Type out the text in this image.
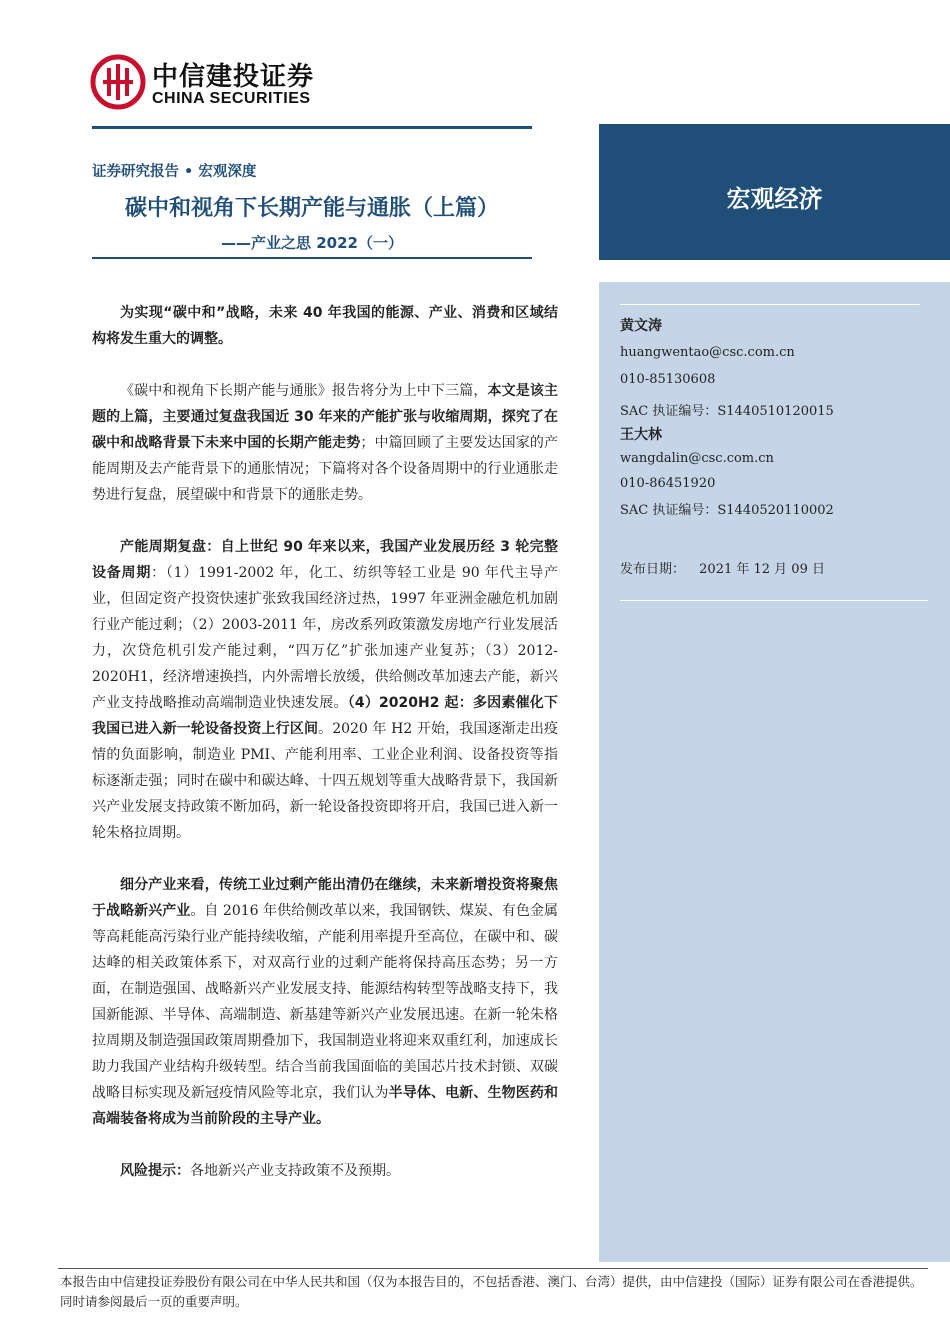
中信建投证券
CHINA SECURITIES
证券研究报告 • 宏观深度
碳中和视角下长期产能与通胀（上篇）
——产业之思 2022（一）
宏观经济
黄文涛
huangwentao@csc.com.cn
010-85130608
SAC 执证编号：S1440510120015
王大林
wangdalin@csc.com.cn
010-86451920
SAC 执证编号：S1440520110002
发布日期： 2021 年 12 月 09 日

为实现“碳中和”战略，未来 40 年我国的能源、产业、消费和区域结构将发生重大的调整。

《碳中和视角下长期产能与通胀》报告将分为上中下三篇，本文是该主题的上篇，主要通过复盘我国近 30 年来的产能扩张与收缩周期，探究了在碳中和战略背景下未来中国的长期产能走势；中篇回顾了主要发达国家的产能周期及去产能背景下的通胀情况；下篇将对各个设备周期中的行业通胀走势进行复盘，展望碳中和背景下的通胀走势。

产能周期复盘：自上世纪 90 年来以来，我国产业发展历经 3 轮完整设备周期：（1）1991-2002 年，化工、纺织等轻工业是 90 年代主导产业，但固定资产投资快速扩张致我国经济过热，1997 年亚洲金融危机加剧行业产能过剩；（2）2003-2011 年，房改系列政策激发房地产行业发展活力，次贷危机引发产能过剩，“四万亿”扩张加速产业复苏；（3）2012-2020H1，经济增速换挡，内外需增长放缓，供给侧改革加速去产能，新兴产业支持战略推动高端制造业快速发展。（4）2020H2 起：多因素催化下我国已进入新一轮设备投资上行区间。2020 年 H2 开始，我国逐渐走出疫情的负面影响，制造业 PMI、产能利用率、工业企业利润、设备投资等指标逐渐走强；同时在碳中和碳达峰、十四五规划等重大战略背景下，我国新兴产业发展支持政策不断加码，新一轮设备投资即将开启，我国已进入新一轮朱格拉周期。

细分产业来看，传统工业过剩产能出清仍在继续，未来新增投资将聚焦于战略新兴产业。自 2016 年供给侧改革以来，我国钢铁、煤炭、有色金属等高耗能高污染行业产能持续收缩，产能利用率提升至高位，在碳中和、碳达峰的相关政策体系下，对双高行业的过剩产能将保持高压态势；另一方面，在制造强国、战略新兴产业发展支持、能源结构转型等战略支持下，我国新能源、半导体、高端制造、新基建等新兴产业发展迅速。在新一轮朱格拉周期及制造强国政策周期叠加下，我国制造业将迎来双重红利，加速成长助力我国产业结构升级转型。结合当前我国面临的美国芯片技术封锁、双碳战略目标实现及新冠疫情风险等北京，我们认为半导体、电新、生物医药和高端装备将成为当前阶段的主导产业。

风险提示：各地新兴产业支持政策不及预期。

本报告由中信建投证券股份有限公司在中华人民共和国（仅为本报告目的，不包括香港、澳门、台湾）提供，由中信建投（国际）证券有限公司在香港提供。同时请参阅最后一页的重要声明。
